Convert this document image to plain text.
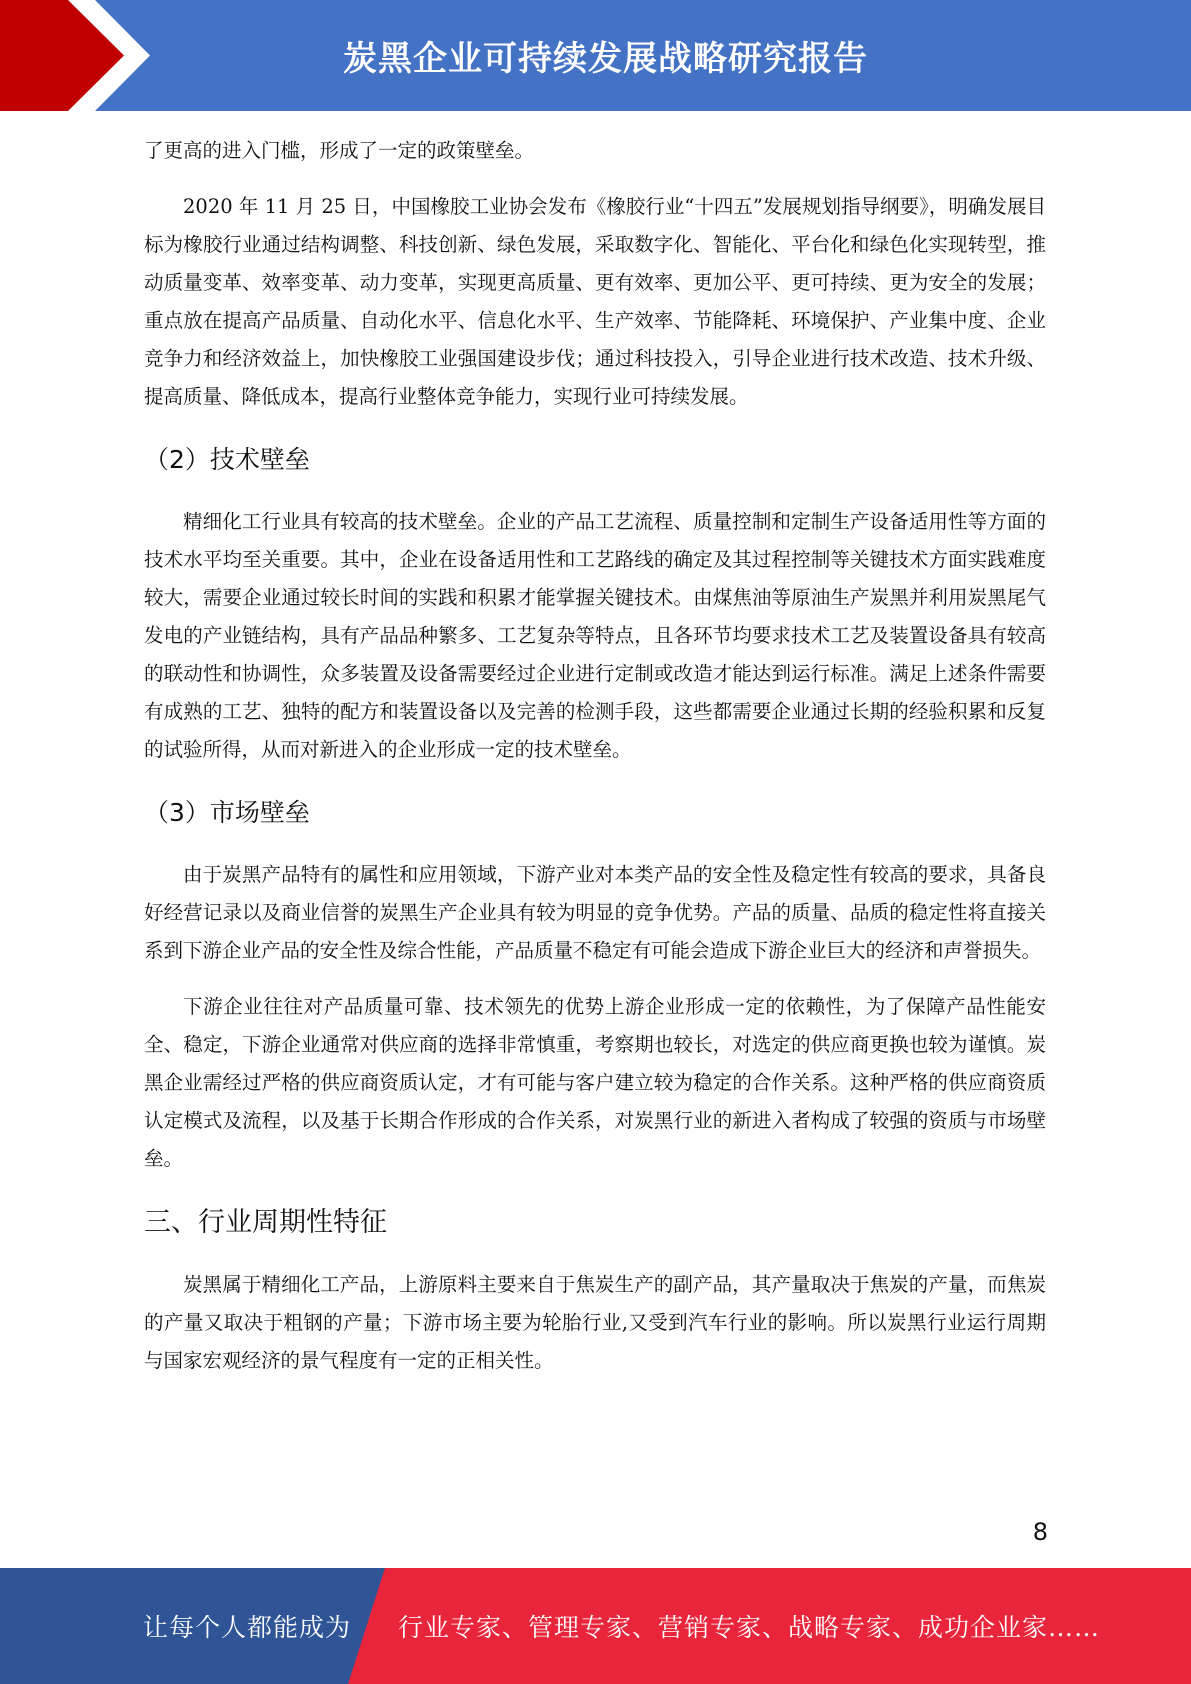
炭黑企业可持续发展战略研究报告

了更高的进入门槛，形成了一定的政策壁垒。

2020 年 11 月 25 日，中国橡胶工业协会发布《橡胶行业“十四五”发展规划指导纲要》，明确发展目标为橡胶行业通过结构调整、科技创新、绿色发展，采取数字化、智能化、平台化和绿色化实现转型，推动质量变革、效率变革、动力变革，实现更高质量、更有效率、更加公平、更可持续、更为安全的发展；重点放在提高产品质量、自动化水平、信息化水平、生产效率、节能降耗、环境保护、产业集中度、企业竞争力和经济效益上，加快橡胶工业强国建设步伐；通过科技投入，引导企业进行技术改造、技术升级、提高质量、降低成本，提高行业整体竞争能力，实现行业可持续发展。

（2）技术壁垒

精细化工行业具有较高的技术壁垒。企业的产品工艺流程、质量控制和定制生产设备适用性等方面的技术水平均至关重要。其中，企业在设备适用性和工艺路线的确定及其过程控制等关键技术方面实践难度较大，需要企业通过较长时间的实践和积累才能掌握关键技术。由煤焦油等原油生产炭黑并利用炭黑尾气发电的产业链结构，具有产品品种繁多、工艺复杂等特点，且各环节均要求技术工艺及装置设备具有较高的联动性和协调性，众多装置及设备需要经过企业进行定制或改造才能达到运行标准。满足上述条件需要有成熟的工艺、独特的配方和装置设备以及完善的检测手段，这些都需要企业通过长期的经验积累和反复的试验所得，从而对新进入的企业形成一定的技术壁垒。

（3）市场壁垒

由于炭黑产品特有的属性和应用领域，下游产业对本类产品的安全性及稳定性有较高的要求，具备良好经营记录以及商业信誉的炭黑生产企业具有较为明显的竞争优势。产品的质量、品质的稳定性将直接关系到下游企业产品的安全性及综合性能，产品质量不稳定有可能会造成下游企业巨大的经济和声誉损失。

下游企业往往对产品质量可靠、技术领先的优势上游企业形成一定的依赖性，为了保障产品性能安全、稳定，下游企业通常对供应商的选择非常慎重，考察期也较长，对选定的供应商更换也较为谨慎。炭黑企业需经过严格的供应商资质认定，才有可能与客户建立较为稳定的合作关系。这种严格的供应商资质认定模式及流程，以及基于长期合作形成的合作关系，对炭黑行业的新进入者构成了较强的资质与市场壁垒。

三、行业周期性特征

炭黑属于精细化工产品，上游原料主要来自于焦炭生产的副产品，其产量取决于焦炭的产量，而焦炭的产量又取决于粗钢的产量；下游市场主要为轮胎行业,又受到汽车行业的影响。所以炭黑行业运行周期与国家宏观经济的景气程度有一定的正相关性。

8
让每个人都能成为 行业专家、管理专家、营销专家、战略专家、成功企业家……
